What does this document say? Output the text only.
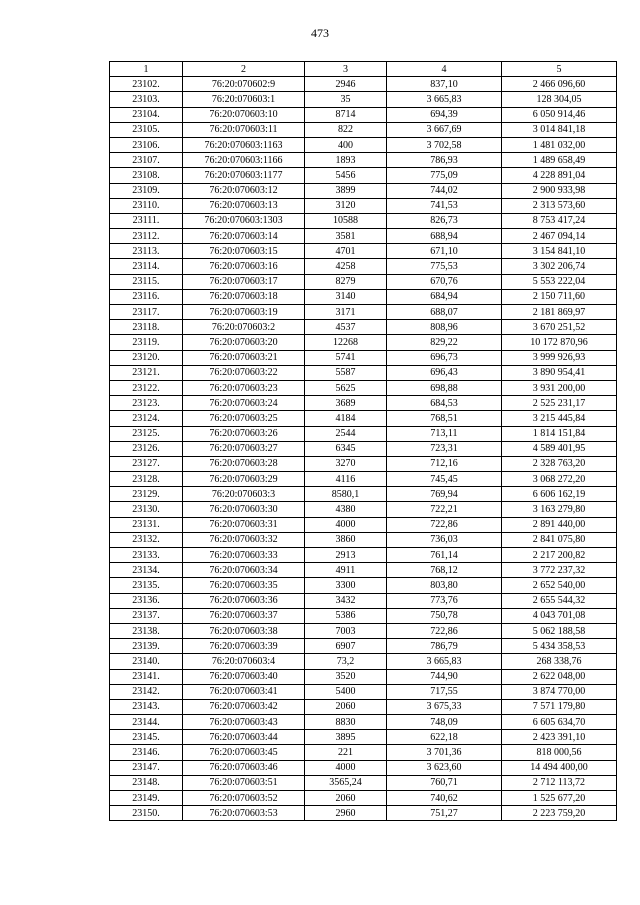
473
1	2	3	4	5
23102.	76:20:070602:9	2946	837,10	2 466 096,60
23103.	76:20:070603:1	35	3 665,83	128 304,05
23104.	76:20:070603:10	8714	694,39	6 050 914,46
23105.	76:20:070603:11	822	3 667,69	3 014 841,18
23106.	76:20:070603:1163	400	3 702,58	1 481 032,00
23107.	76:20:070603:1166	1893	786,93	1 489 658,49
23108.	76:20:070603:1177	5456	775,09	4 228 891,04
23109.	76:20:070603:12	3899	744,02	2 900 933,98
23110.	76:20:070603:13	3120	741,53	2 313 573,60
23111.	76:20:070603:1303	10588	826,73	8 753 417,24
23112.	76:20:070603:14	3581	688,94	2 467 094,14
23113.	76:20:070603:15	4701	671,10	3 154 841,10
23114.	76:20:070603:16	4258	775,53	3 302 206,74
23115.	76:20:070603:17	8279	670,76	5 553 222,04
23116.	76:20:070603:18	3140	684,94	2 150 711,60
23117.	76:20:070603:19	3171	688,07	2 181 869,97
23118.	76:20:070603:2	4537	808,96	3 670 251,52
23119.	76:20:070603:20	12268	829,22	10 172 870,96
23120.	76:20:070603:21	5741	696,73	3 999 926,93
23121.	76:20:070603:22	5587	696,43	3 890 954,41
23122.	76:20:070603:23	5625	698,88	3 931 200,00
23123.	76:20:070603:24	3689	684,53	2 525 231,17
23124.	76:20:070603:25	4184	768,51	3 215 445,84
23125.	76:20:070603:26	2544	713,11	1 814 151,84
23126.	76:20:070603:27	6345	723,31	4 589 401,95
23127.	76:20:070603:28	3270	712,16	2 328 763,20
23128.	76:20:070603:29	4116	745,45	3 068 272,20
23129.	76:20:070603:3	8580,1	769,94	6 606 162,19
23130.	76:20:070603:30	4380	722,21	3 163 279,80
23131.	76:20:070603:31	4000	722,86	2 891 440,00
23132.	76:20:070603:32	3860	736,03	2 841 075,80
23133.	76:20:070603:33	2913	761,14	2 217 200,82
23134.	76:20:070603:34	4911	768,12	3 772 237,32
23135.	76:20:070603:35	3300	803,80	2 652 540,00
23136.	76:20:070603:36	3432	773,76	2 655 544,32
23137.	76:20:070603:37	5386	750,78	4 043 701,08
23138.	76:20:070603:38	7003	722,86	5 062 188,58
23139.	76:20:070603:39	6907	786,79	5 434 358,53
23140.	76:20:070603:4	73,2	3 665,83	268 338,76
23141.	76:20:070603:40	3520	744,90	2 622 048,00
23142.	76:20:070603:41	5400	717,55	3 874 770,00
23143.	76:20:070603:42	2060	3 675,33	7 571 179,80
23144.	76:20:070603:43	8830	748,09	6 605 634,70
23145.	76:20:070603:44	3895	622,18	2 423 391,10
23146.	76:20:070603:45	221	3 701,36	818 000,56
23147.	76:20:070603:46	4000	3 623,60	14 494 400,00
23148.	76:20:070603:51	3565,24	760,71	2 712 113,72
23149.	76:20:070603:52	2060	740,62	1 525 677,20
23150.	76:20:070603:53	2960	751,27	2 223 759,20
